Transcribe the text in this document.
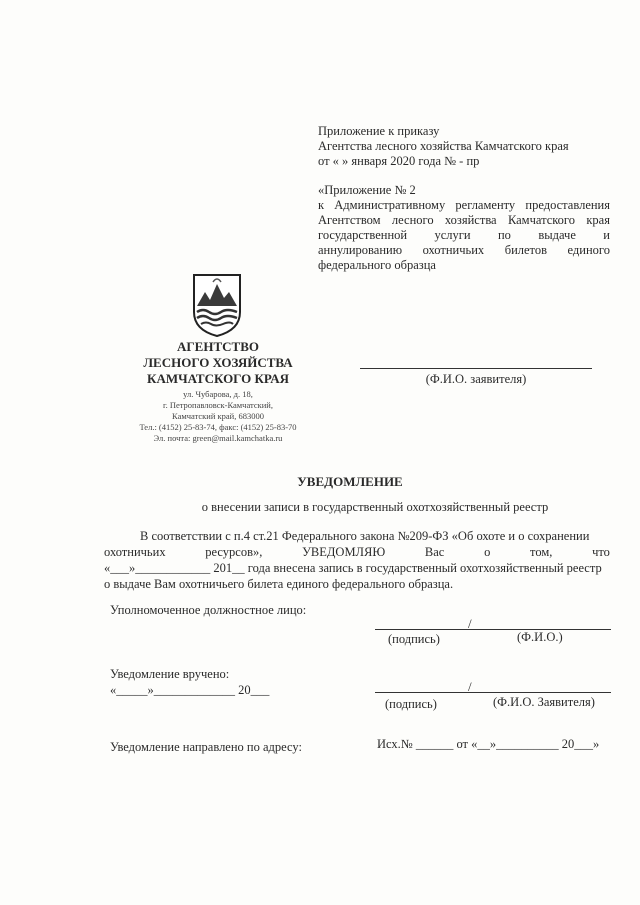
Приложение к приказу
Агентства лесного хозяйства Камчатского края
от « » января 2020 года № - пр
«Приложение № 2
к Административному регламенту предоставления
Агентством лесного хозяйства Камчатского края
государственной услуги по выдаче и
аннулированию охотничьих билетов единого
федерального образца
АГЕНТСТВО
ЛЕСНОГО ХОЗЯЙСТВА
КАМЧАТСКОГО КРАЯ
ул. Чубарова, д. 18,
г. Петропавловск-Камчатский,
Камчатский край, 683000
Тел.: (4152) 25-83-74, факс: (4152) 25-83-70
Эл. почта: green@mail.kamchatka.ru
(Ф.И.О. заявителя)
УВЕДОМЛЕНИЕ
о внесении записи в государственный охотхозяйственный реестр
В соответствии с п.4 ст.21 Федерального закона №209-ФЗ «Об охоте и о сохранении
охотничьих	ресурсов»,	УВЕДОМЛЯЮ	Вас	о	том,	что
«___»____________ 201__ года внесена запись в государственный охотхозяйственный реестр
о выдаче Вам охотничьего билета единого федерального образца.
Уполномоченное должностное лицо:
/
(подпись)	(Ф.И.О.)
Уведомление вручено:
«_____»_____________ 20___	/
(подпись)	(Ф.И.О. Заявителя)
Уведомление направлено по адресу:	Исх.№ ______ от «__»__________ 20___»
